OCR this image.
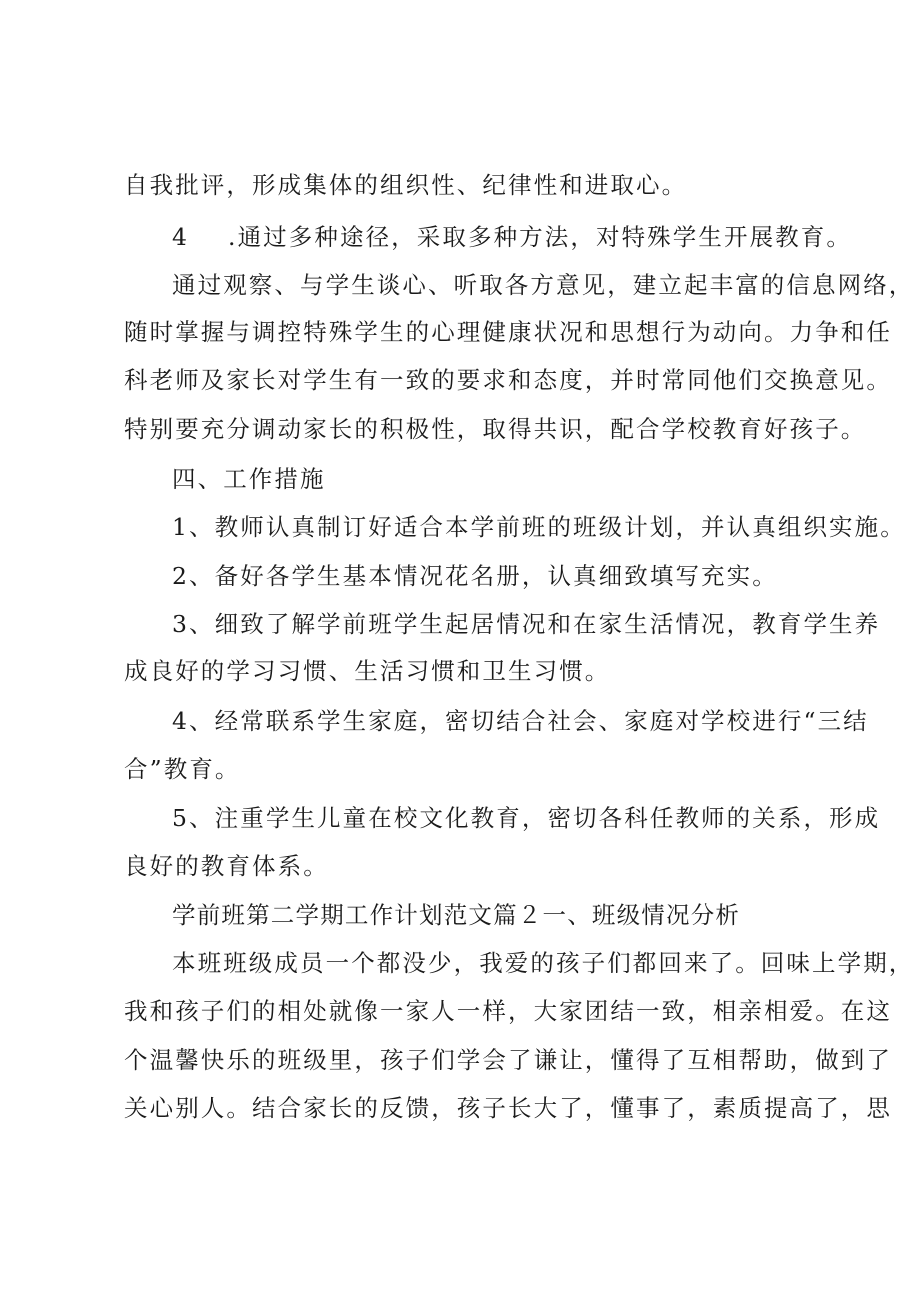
自我批评，形成集体的组织性、纪律性和进取心。
4 .通过多种途径，采取多种方法，对特殊学生开展教育。
通过观察、与学生谈心、听取各方意见，建立起丰富的信息网络，
随时掌握与调控特殊学生的心理健康状况和思想行为动向。力争和任
科老师及家长对学生有一致的要求和态度，并时常同他们交换意见。
特别要充分调动家长的积极性，取得共识，配合学校教育好孩子。
四、工作措施
1、教师认真制订好适合本学前班的班级计划，并认真组织实施。
2、备好各学生基本情况花名册，认真细致填写充实。
3、细致了解学前班学生起居情况和在家生活情况，教育学生养
成良好的学习习惯、生活习惯和卫生习惯。
4、经常联系学生家庭，密切结合社会、家庭对学校进行“三结
合”教育。
5、注重学生儿童在校文化教育，密切各科任教师的关系，形成
良好的教育体系。
学前班第二学期工作计划范文篇２一、班级情况分析
本班班级成员一个都没少，我爱的孩子们都回来了。回味上学期，
我和孩子们的相处就像一家人一样，大家团结一致，相亲相爱。在这
个温馨快乐的班级里，孩子们学会了谦让，懂得了互相帮助，做到了
关心别人。结合家长的反馈，孩子长大了，懂事了，素质提高了，思
